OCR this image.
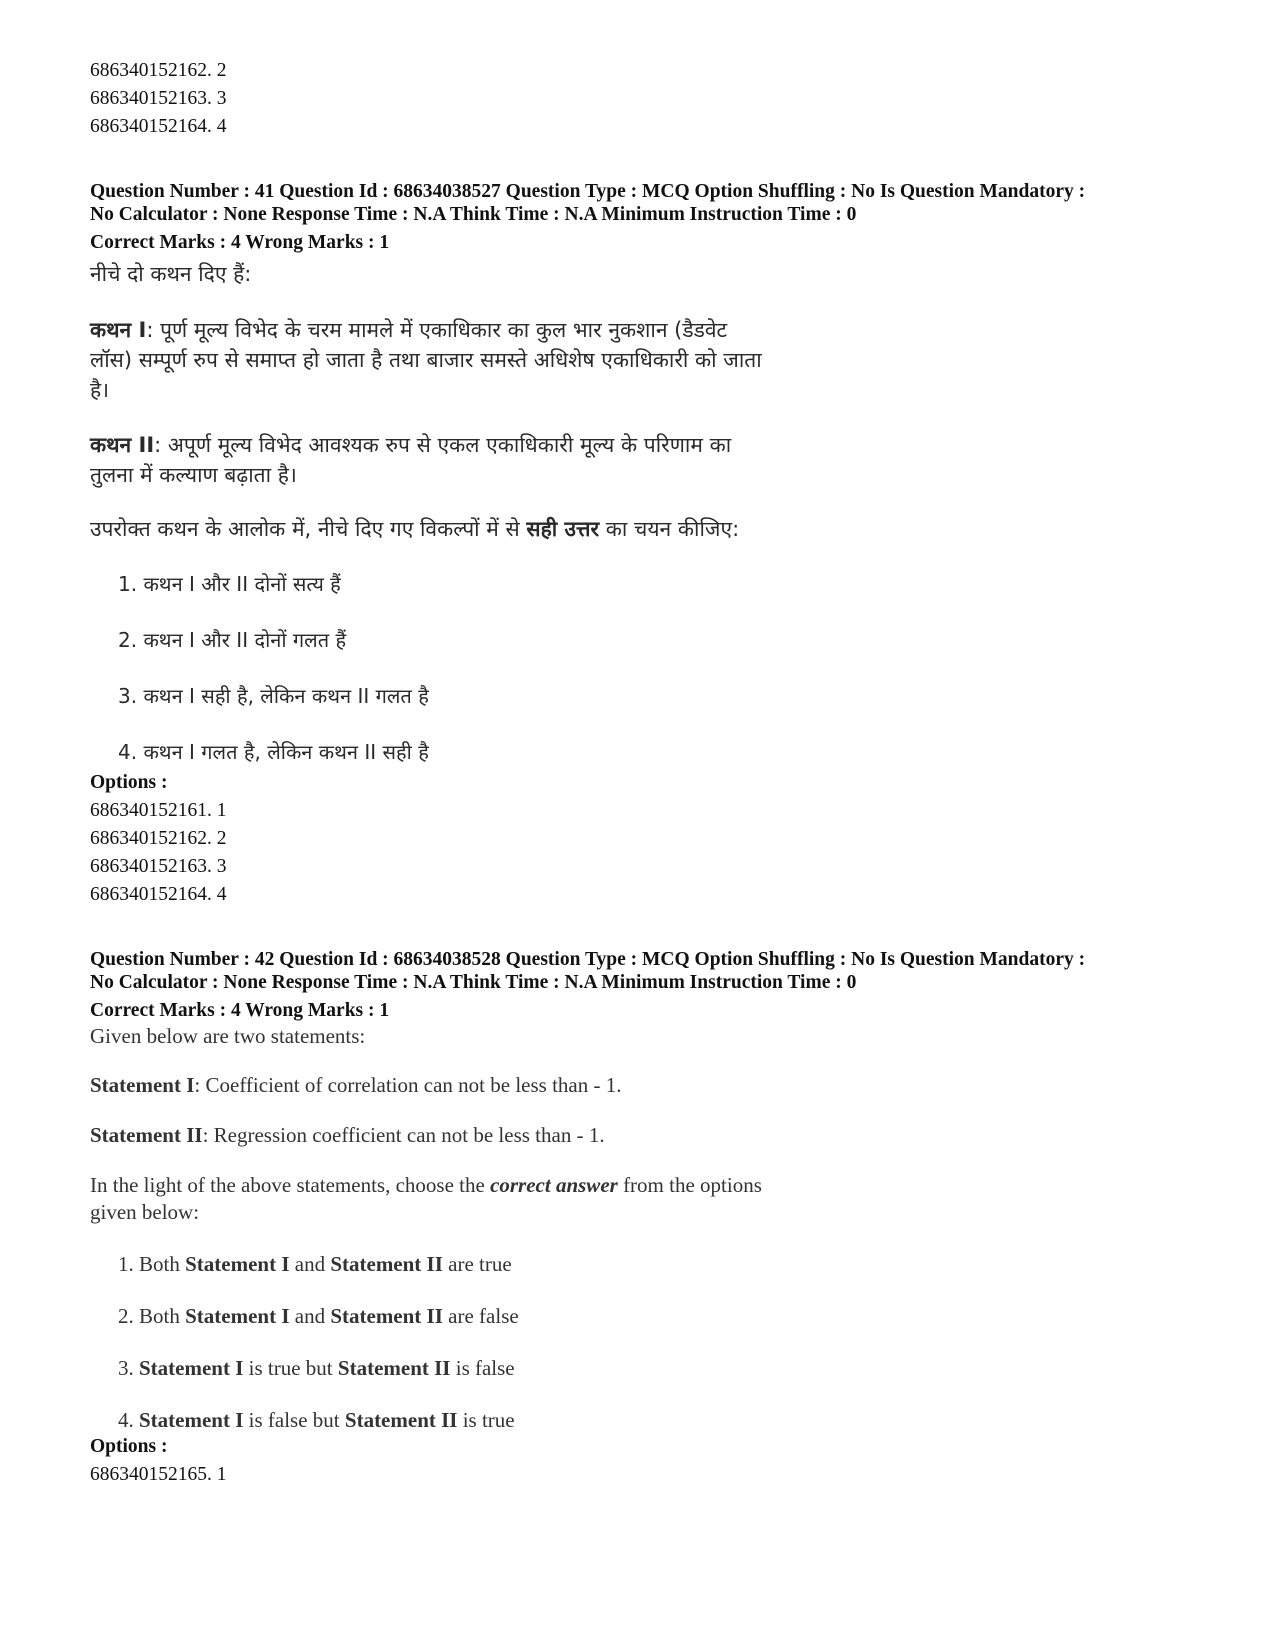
686340152162. 2
686340152163. 3
686340152164. 4
Question Number : 41 Question Id : 68634038527 Question Type : MCQ Option Shuffling : No Is Question Mandatory :
No Calculator : None Response Time : N.A Think Time : N.A Minimum Instruction Time : 0
Correct Marks : 4 Wrong Marks : 1
नीचे दो कथन दिए हैं:
कथन I: पूर्ण मूल्य विभेद के चरम मामले में एकाधिकार का कुल भार नुकशान (डैडवेट
लॉस) सम्पूर्ण रुप से समाप्त हो जाता है तथा बाजार समस्ते अधिशेष एकाधिकारी को जाता
है।
कथन II: अपूर्ण मूल्य विभेद आवश्यक रुप से एकल एकाधिकारी मूल्य के परिणाम का
तुलना में कल्याण बढ़ाता है।
उपरोक्त कथन के आलोक में, नीचे दिए गए विकल्पों में से सही उत्तर का चयन कीजिए:
1. कथन I और II दोनों सत्य हैं
2. कथन I और II दोनों गलत हैं
3. कथन I सही है, लेकिन कथन II गलत है
4. कथन I गलत है, लेकिन कथन II सही है
Options :
686340152161. 1
686340152162. 2
686340152163. 3
686340152164. 4
Question Number : 42 Question Id : 68634038528 Question Type : MCQ Option Shuffling : No Is Question Mandatory :
No Calculator : None Response Time : N.A Think Time : N.A Minimum Instruction Time : 0
Correct Marks : 4 Wrong Marks : 1
Given below are two statements:
Statement I: Coefficient of correlation can not be less than - 1.
Statement II: Regression coefficient can not be less than - 1.
In the light of the above statements, choose the correct answer from the options
given below:
1. Both Statement I and Statement II are true
2. Both Statement I and Statement II are false
3. Statement I is true but Statement II is false
4. Statement I is false but Statement II is true
Options :
686340152165. 1
